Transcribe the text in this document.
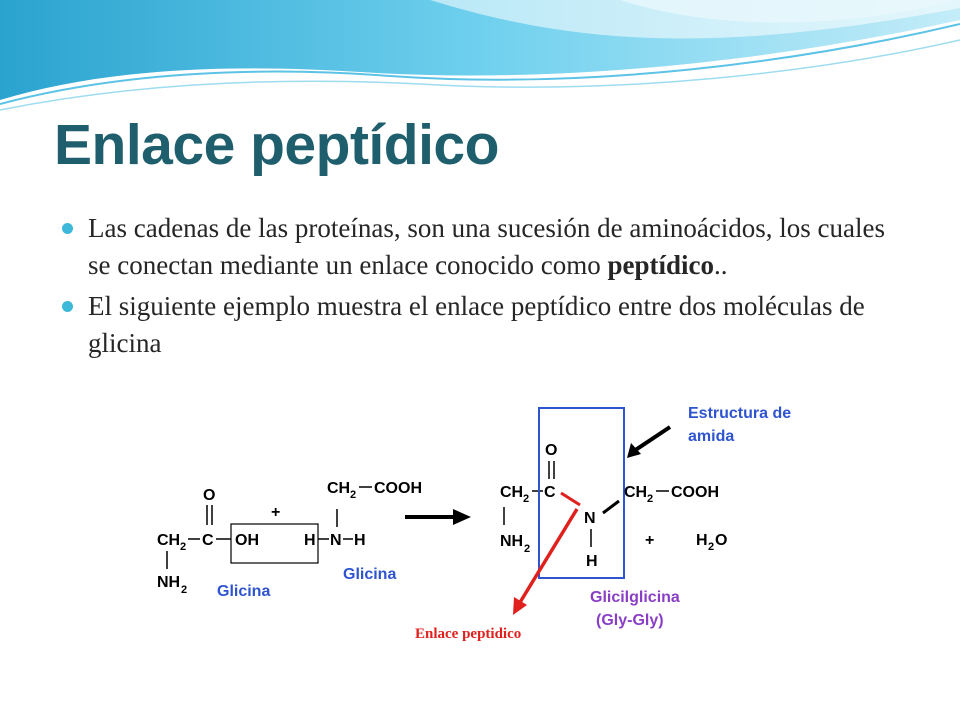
Enlace peptídico
Las cadenas de las proteínas, son una sucesión de aminoácidos, los cuales se conectan mediante un enlace conocido como peptídico..
El siguiente ejemplo muestra el enlace peptídico entre dos moléculas de glicina
O
CH 2 C OH
NH 2
+
Glicina
CH 2 COOH
H N H
Glicina
CH 2 C
O
N
H
NH 2
CH 2 COOH
+	H 2 O
Estructura de
amida
Glicilglicina
(Gly-Gly)
Enlace peptidico
